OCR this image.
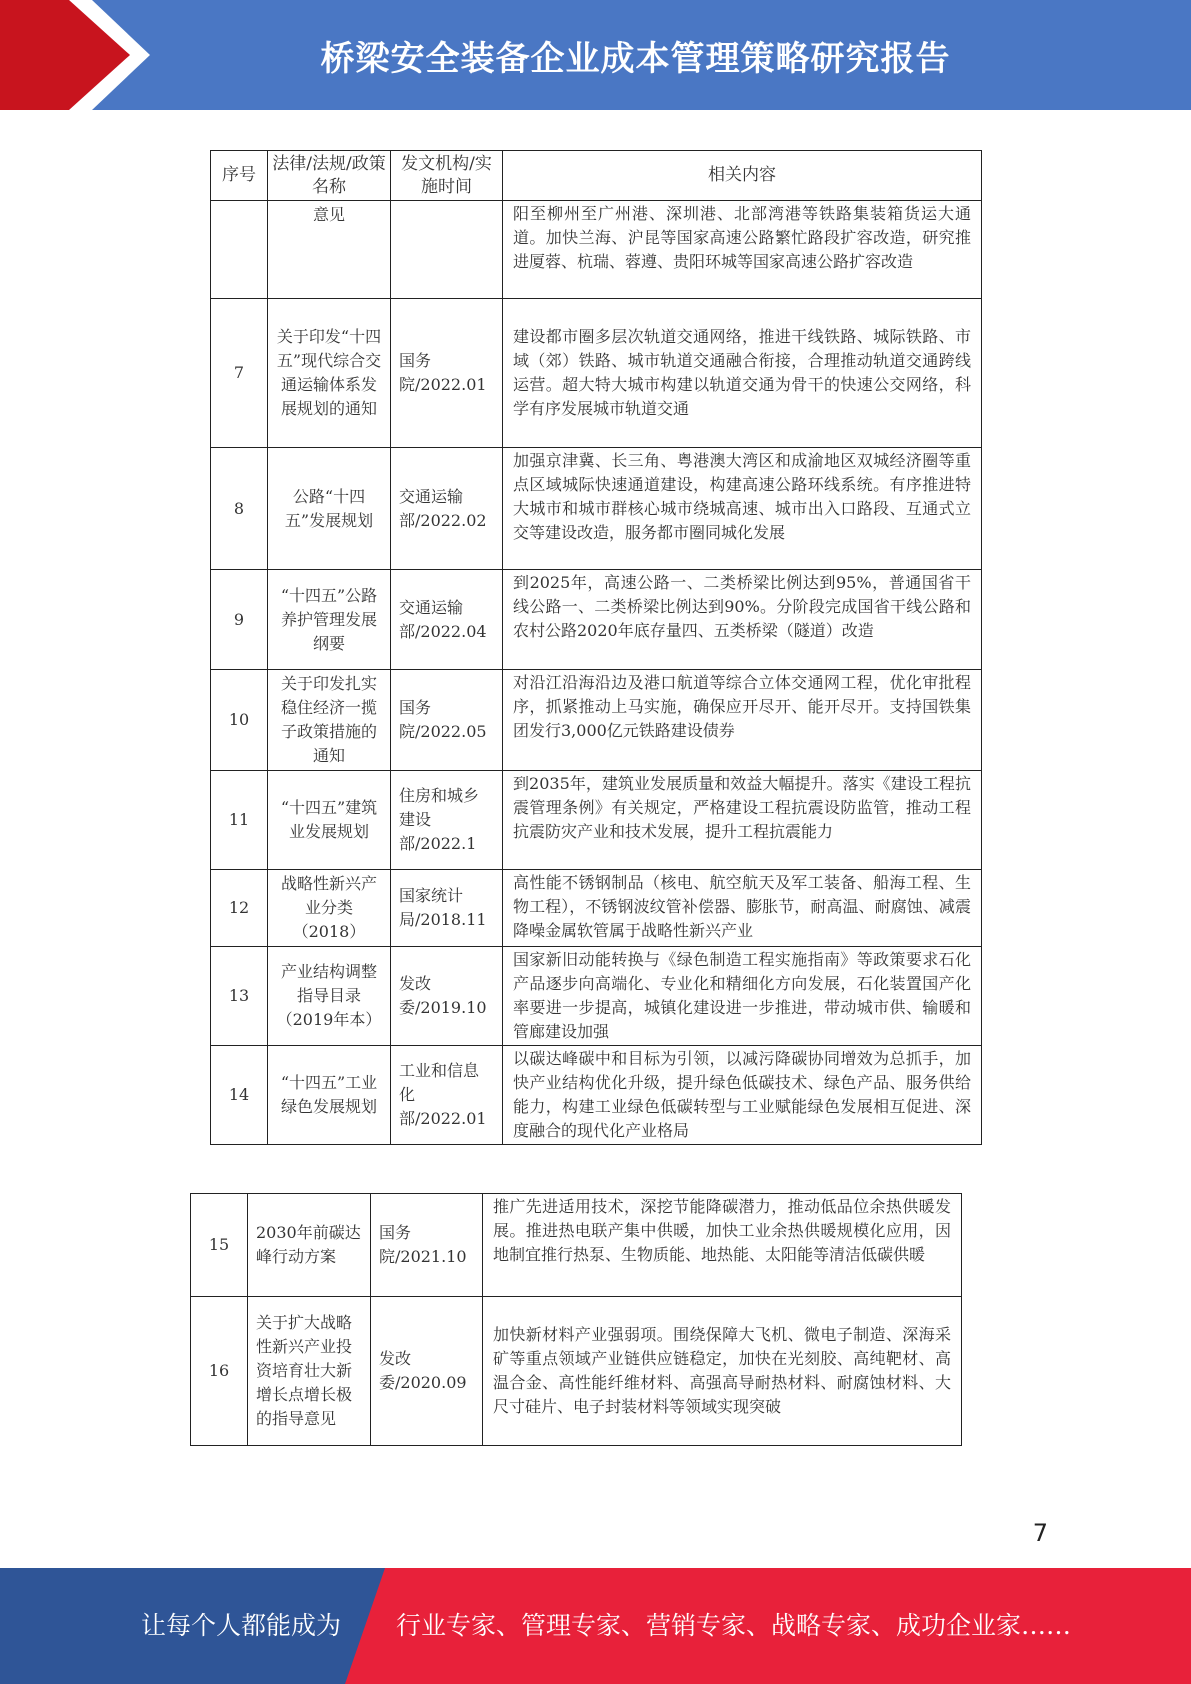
桥梁安全装备企业成本管理策略研究报告
序号	法律/法规/政策名称	发文机构/实施时间	相关内容
	意见		阳至柳州至广州港、深圳港、北部湾港等铁路集装箱货运大通道。加快兰海、沪昆等国家高速公路繁忙路段扩容改造，研究推进厦蓉、杭瑞、蓉遵、贵阳环城等国家高速公路扩容改造
7	关于印发“十四五”现代综合交通运输体系发展规划的通知	国务院/2022.01	建设都市圈多层次轨道交通网络，推进干线铁路、城际铁路、市域（郊）铁路、城市轨道交通融合衔接，合理推动轨道交通跨线运营。超大特大城市构建以轨道交通为骨干的快速公交网络，科学有序发展城市轨道交通
8	公路“十四五”发展规划	交通运输部/2022.02	加强京津冀、长三角、粤港澳大湾区和成渝地区双城经济圈等重点区域城际快速通道建设，构建高速公路环线系统。有序推进特大城市和城市群核心城市绕城高速、城市出入口路段、互通式立交等建设改造，服务都市圈同城化发展
9	“十四五”公路养护管理发展纲要	交通运输部/2022.04	到2025年，高速公路一、二类桥梁比例达到95%，普通国省干线公路一、二类桥梁比例达到90%。分阶段完成国省干线公路和农村公路2020年底存量四、五类桥梁（隧道）改造
10	关于印发扎实稳住经济一揽子政策措施的通知	国务院/2022.05	对沿江沿海沿边及港口航道等综合立体交通网工程，优化审批程序，抓紧推动上马实施，确保应开尽开、能开尽开。支持国铁集团发行3,000亿元铁路建设债券
11	“十四五”建筑业发展规划	住房和城乡建设部/2022.1	到2035年，建筑业发展质量和效益大幅提升。落实《建设工程抗震管理条例》有关规定，严格建设工程抗震设防监管，推动工程抗震防灾产业和技术发展，提升工程抗震能力
12	战略性新兴产业分类（2018）	国家统计局/2018.11	高性能不锈钢制品（核电、航空航天及军工装备、船海工程、生物工程），不锈钢波纹管补偿器、膨胀节，耐高温、耐腐蚀、减震降噪金属软管属于战略性新兴产业
13	产业结构调整指导目录（2019年本）	发改委/2019.10	国家新旧动能转换与《绿色制造工程实施指南》等政策要求石化产品逐步向高端化、专业化和精细化方向发展，石化装置国产化率要进一步提高，城镇化建设进一步推进，带动城市供、输暖和管廊建设加强
14	“十四五”工业绿色发展规划	工业和信息化部/2022.01	以碳达峰碳中和目标为引领，以减污降碳协同增效为总抓手，加快产业结构优化升级，提升绿色低碳技术、绿色产品、服务供给能力，构建工业绿色低碳转型与工业赋能绿色发展相互促进、深度融合的现代化产业格局
15	2030年前碳达峰行动方案	国务院/2021.10	推广先进适用技术，深挖节能降碳潜力，推动低品位余热供暖发展。推进热电联产集中供暖，加快工业余热供暖规模化应用，因地制宜推行热泵、生物质能、地热能、太阳能等清洁低碳供暖
16	关于扩大战略性新兴产业投资培育壮大新增长点增长极的指导意见	发改委/2020.09	加快新材料产业强弱项。围绕保障大飞机、微电子制造、深海采矿等重点领域产业链供应链稳定，加快在光刻胶、高纯靶材、高温合金、高性能纤维材料、高强高导耐热材料、耐腐蚀材料、大尺寸硅片、电子封装材料等领域实现突破
7
让每个人都能成为 行业专家、管理专家、营销专家、战略专家、成功企业家……
